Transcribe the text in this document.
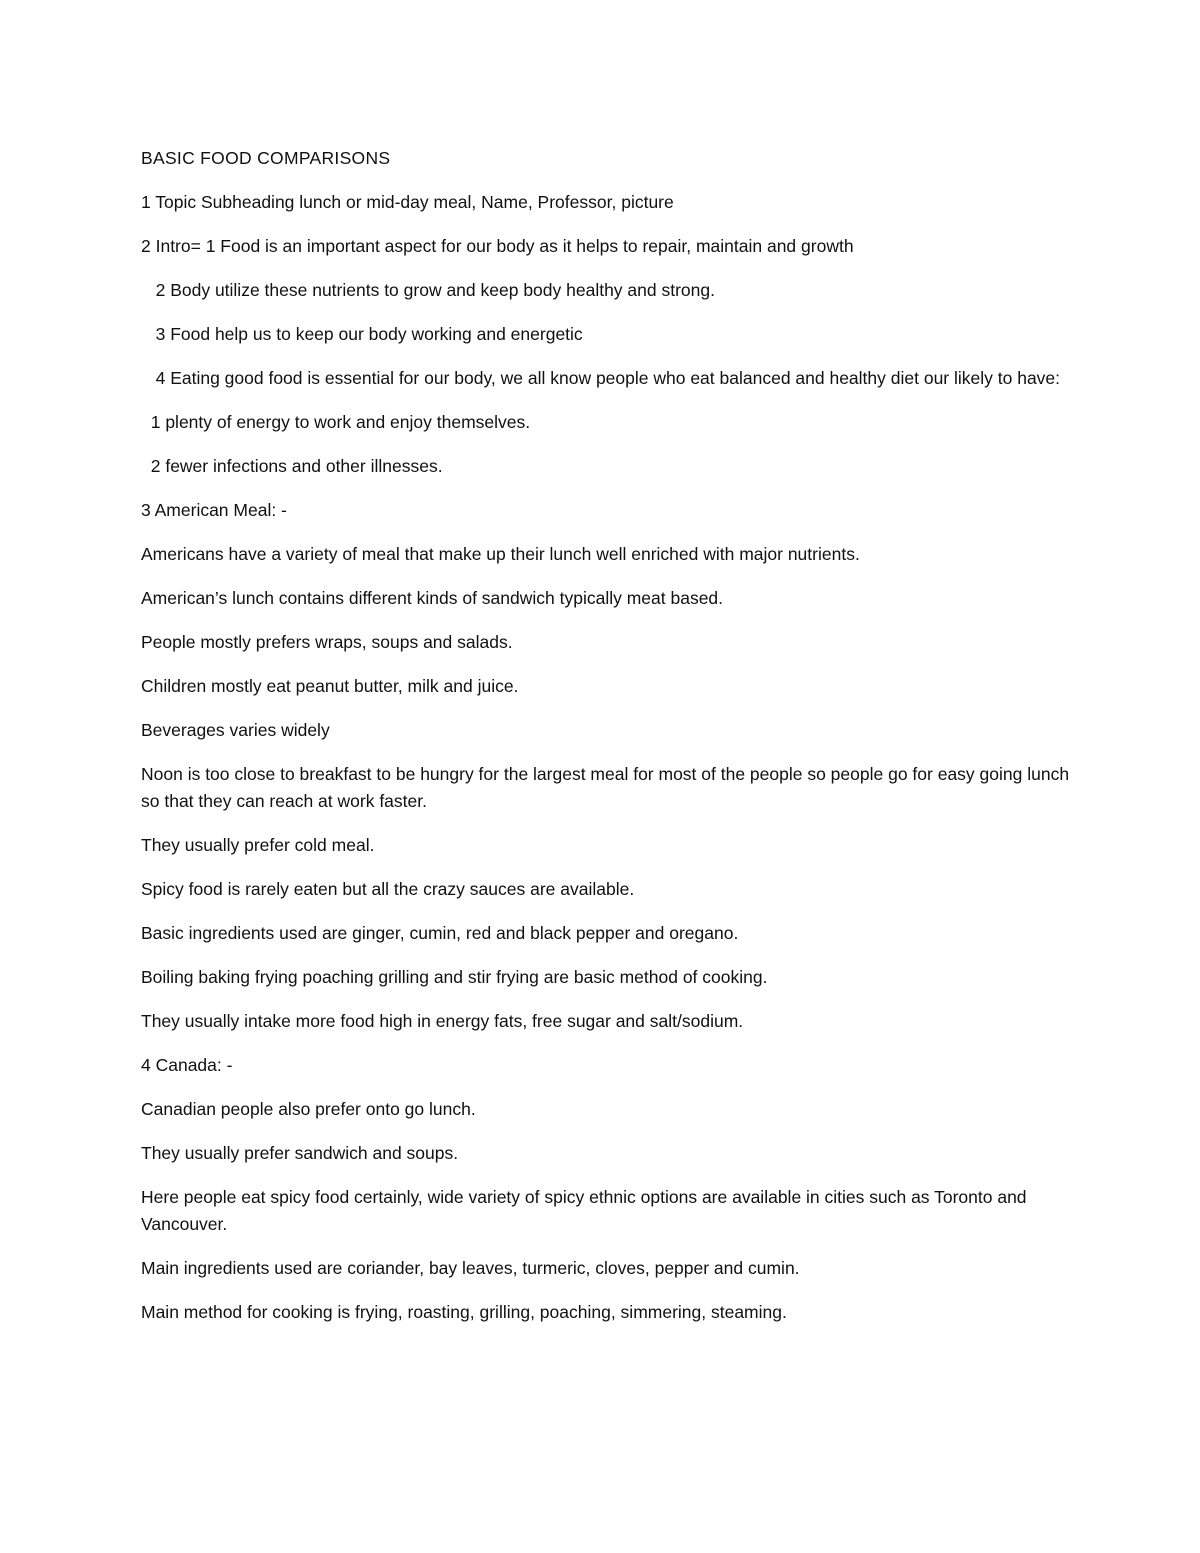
BASIC FOOD COMPARISONS

1 Topic Subheading lunch or mid-day meal, Name, Professor, picture

2 Intro= 1 Food is an important aspect for our body as it helps to repair, maintain and growth

2 Body utilize these nutrients to grow and keep body healthy and strong.

3 Food help us to keep our body working and energetic

4 Eating good food is essential for our body, we all know people who eat balanced and healthy diet our likely to have:

1 plenty of energy to work and enjoy themselves.

2 fewer infections and other illnesses.

3 American Meal: -

Americans have a variety of meal that make up their lunch well enriched with major nutrients.

American’s lunch contains different kinds of sandwich typically meat based.

People mostly prefers wraps, soups and salads.

Children mostly eat peanut butter, milk and juice.

Beverages varies widely

Noon is too close to breakfast to be hungry for the largest meal for most of the people so people go for easy going lunch so that they can reach at work faster.

They usually prefer cold meal.

Spicy food is rarely eaten but all the crazy sauces are available.

Basic ingredients used are ginger, cumin, red and black pepper and oregano.

Boiling baking frying poaching grilling and stir frying are basic method of cooking.

They usually intake more food high in energy fats, free sugar and salt/sodium.

4 Canada: -

Canadian people also prefer onto go lunch.

They usually prefer sandwich and soups.

Here people eat spicy food certainly, wide variety of spicy ethnic options are available in cities such as Toronto and Vancouver.

Main ingredients used are coriander, bay leaves, turmeric, cloves, pepper and cumin.

Main method for cooking is frying, roasting, grilling, poaching, simmering, steaming.
